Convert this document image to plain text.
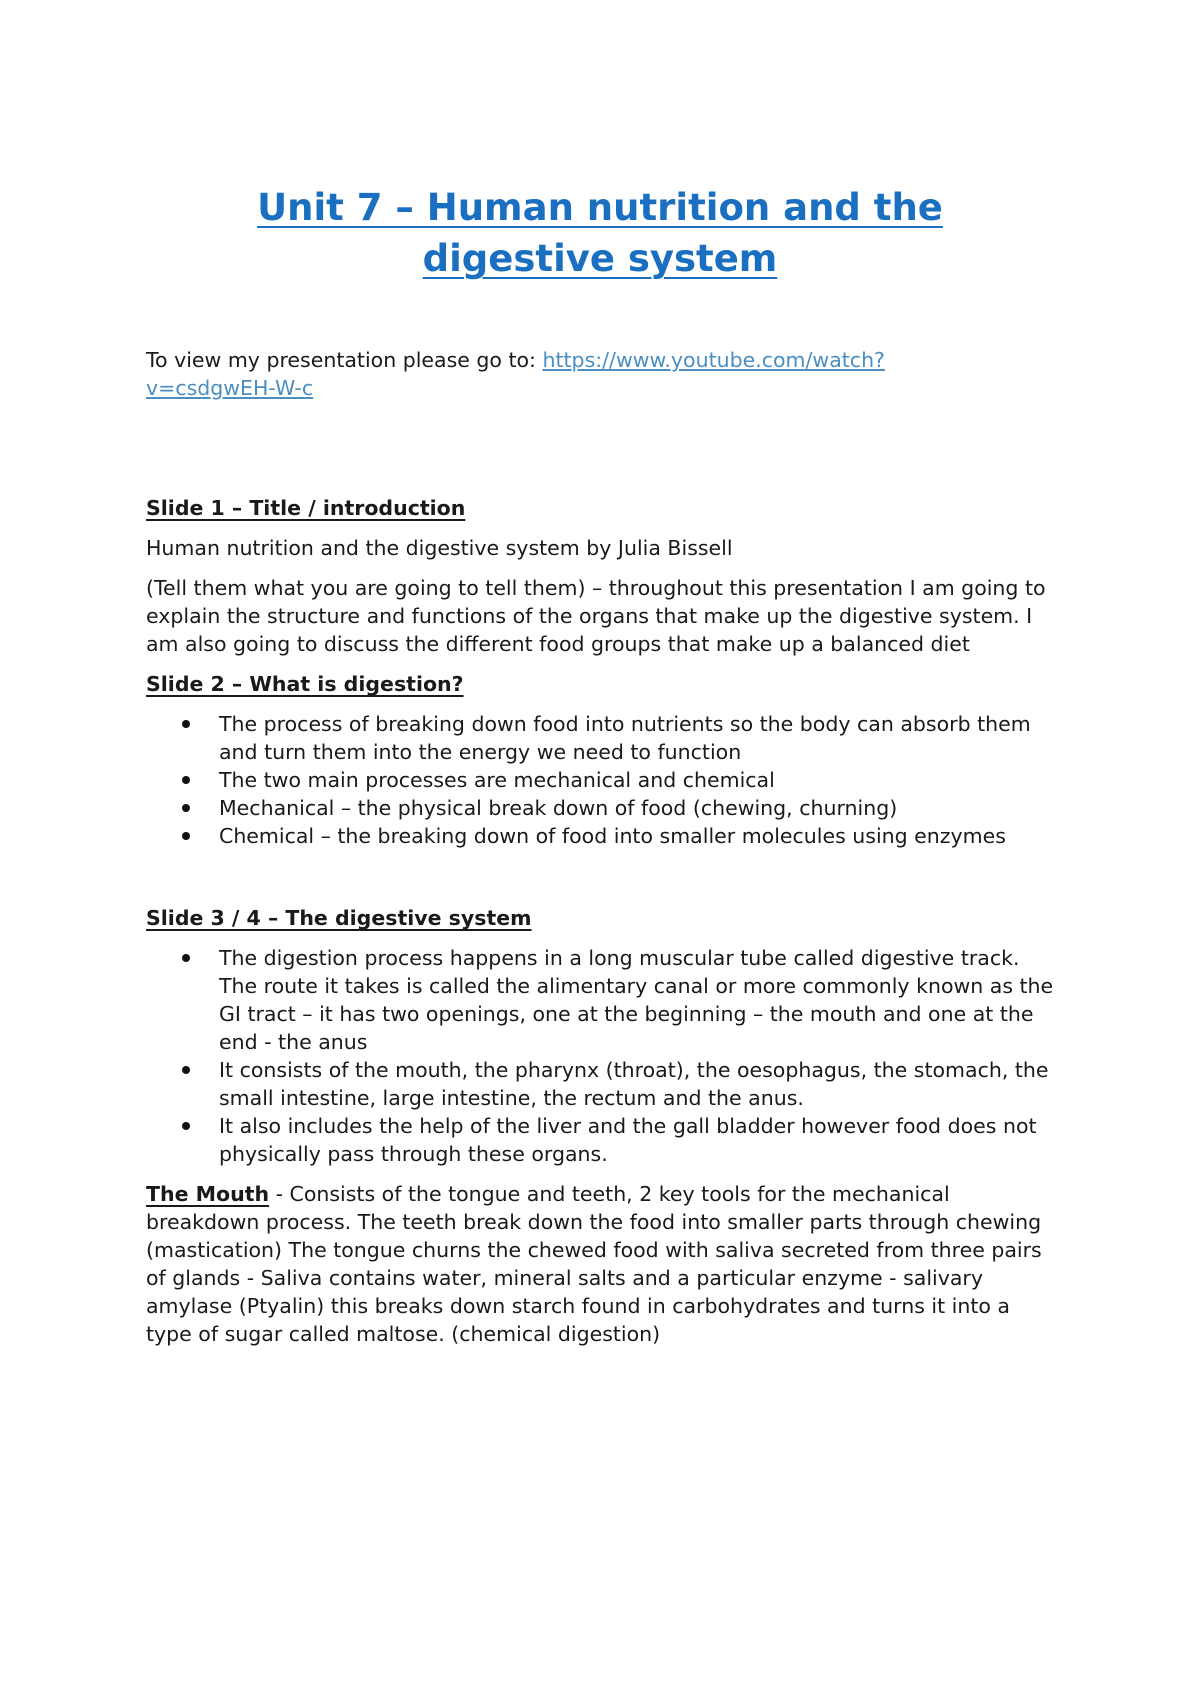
Unit 7 – Human nutrition and the
digestive system

To view my presentation please go to: https://www.youtube.com/watch?
v=csdgwEH-W-c

Slide 1 – Title / introduction

Human nutrition and the digestive system by Julia Bissell

(Tell them what you are going to tell them) – throughout this presentation I am going to explain the structure and functions of the organs that make up the digestive system. I am also going to discuss the different food groups that make up a balanced diet

Slide 2 – What is digestion?

The process of breaking down food into nutrients so the body can absorb them and turn them into the energy we need to function
The two main processes are mechanical and chemical
Mechanical – the physical break down of food (chewing, churning)
Chemical – the breaking down of food into smaller molecules using enzymes

Slide 3 / 4 – The digestive system

The digestion process happens in a long muscular tube called digestive track. The route it takes is called the alimentary canal or more commonly known as the GI tract – it has two openings, one at the beginning – the mouth and one at the end - the anus
It consists of the mouth, the pharynx (throat), the oesophagus, the stomach, the small intestine, large intestine, the rectum and the anus.
It also includes the help of the liver and the gall bladder however food does not physically pass through these organs.

The Mouth - Consists of the tongue and teeth, 2 key tools for the mechanical breakdown process. The teeth break down the food into smaller parts through chewing (mastication) The tongue churns the chewed food with saliva secreted from three pairs of glands - Saliva contains water, mineral salts and a particular enzyme - salivary amylase (Ptyalin) this breaks down starch found in carbohydrates and turns it into a type of sugar called maltose. (chemical digestion)
